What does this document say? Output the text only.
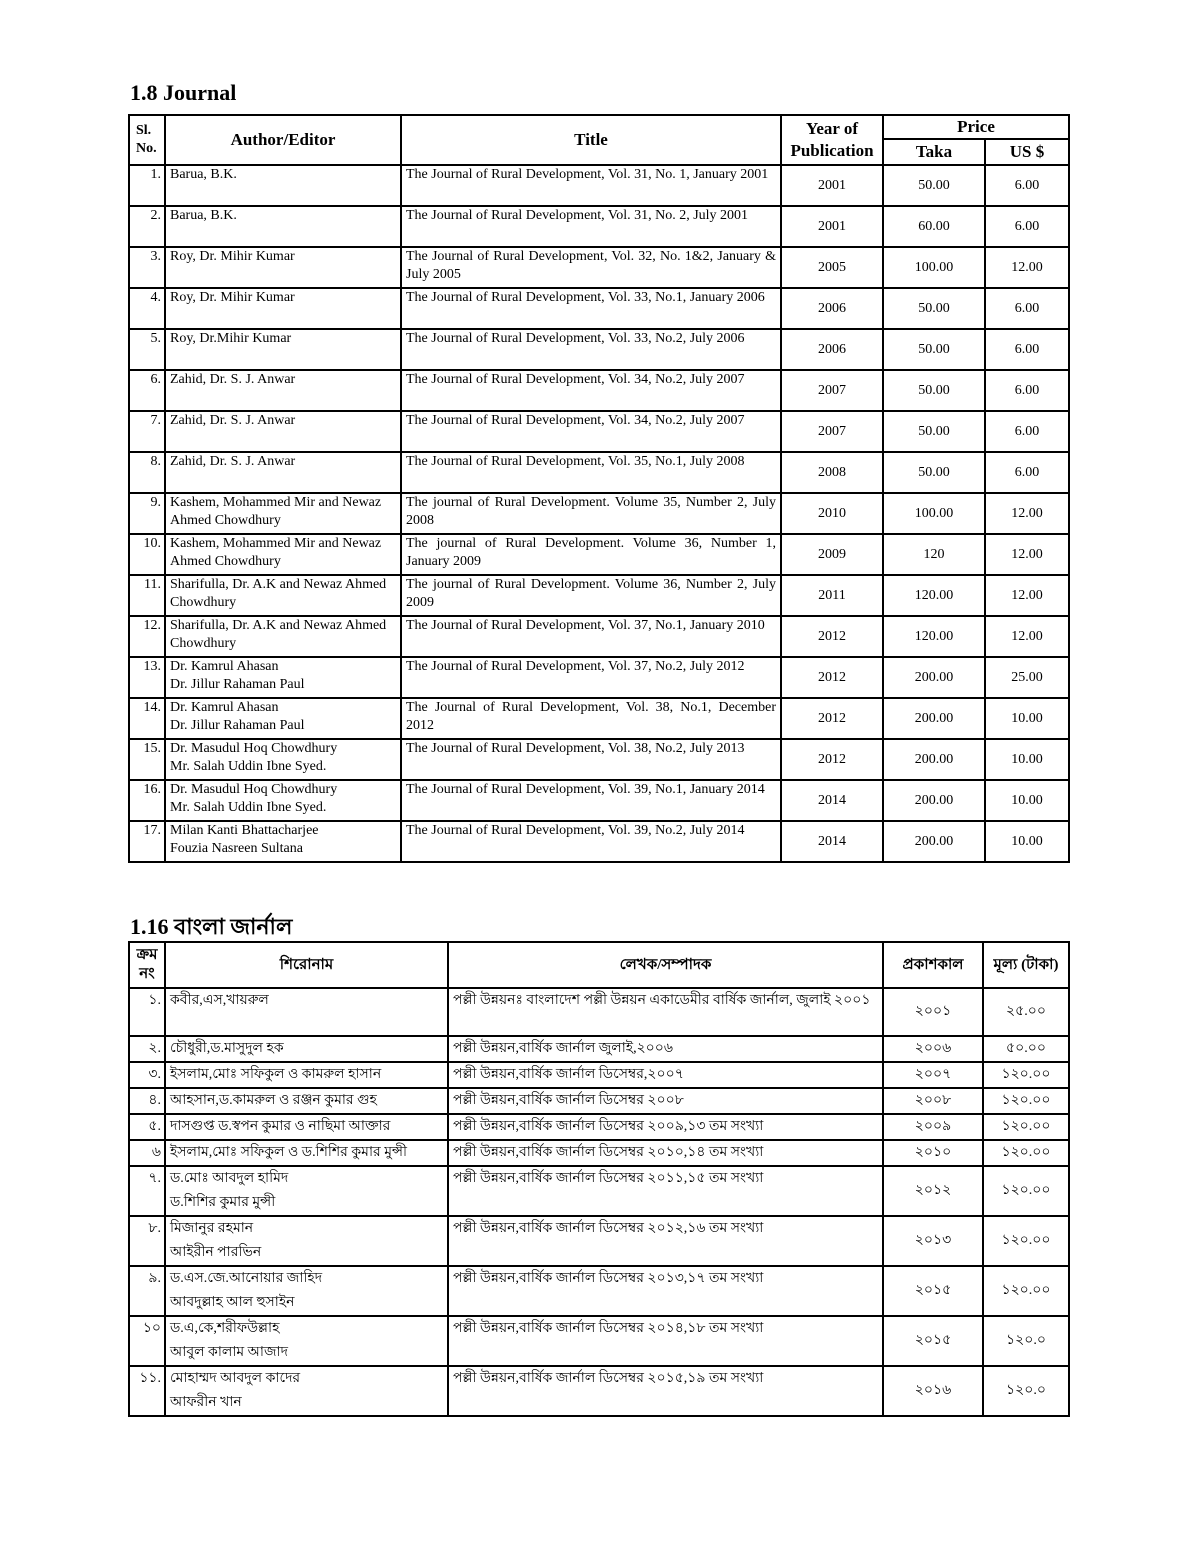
1.8 Journal
Sl. No.	Author/Editor	Title	Year of Publication	Price	
				Taka	US $
1.	Barua, B.K.	The Journal of Rural Development, Vol. 31, No. 1, January 2001	2001	50.00	6.00
2.	Barua, B.K.	The Journal of Rural Development, Vol. 31, No. 2, July 2001	2001	60.00	6.00
3.	Roy, Dr. Mihir Kumar	The Journal of Rural Development, Vol. 32, No. 1&2, January & July 2005	2005	100.00	12.00
4.	Roy, Dr. Mihir Kumar	The Journal of Rural Development, Vol. 33, No.1, January 2006	2006	50.00	6.00
5.	Roy, Dr.Mihir Kumar	The Journal of Rural Development, Vol. 33, No.2, July 2006	2006	50.00	6.00
6.	Zahid, Dr. S. J. Anwar	The Journal of Rural Development, Vol. 34, No.2, July 2007	2007	50.00	6.00
7.	Zahid, Dr. S. J. Anwar	The Journal of Rural Development, Vol. 34, No.2, July 2007	2007	50.00	6.00
8.	Zahid, Dr. S. J. Anwar	The Journal of Rural Development, Vol. 35, No.1, July 2008	2008	50.00	6.00
9.	Kashem, Mohammed Mir and Newaz Ahmed Chowdhury	The journal of Rural Development. Volume 35, Number 2, July 2008	2010	100.00	12.00
10.	Kashem, Mohammed Mir and Newaz Ahmed Chowdhury	The journal of Rural Development. Volume 36, Number 1, January 2009	2009	120	12.00
11.	Sharifulla, Dr. A.K and Newaz Ahmed Chowdhury	The journal of Rural Development. Volume 36, Number 2, July 2009	2011	120.00	12.00
12.	Sharifulla, Dr. A.K and Newaz Ahmed Chowdhury	The Journal of Rural Development, Vol. 37, No.1, January 2010	2012	120.00	12.00
13.	Dr. Kamrul Ahasan
Dr. Jillur Rahaman Paul	The Journal of Rural Development, Vol. 37, No.2, July 2012	2012	200.00	25.00
14.	Dr. Kamrul Ahasan
Dr. Jillur Rahaman Paul	The Journal of Rural Development, Vol. 38, No.1, December 2012	2012	200.00	10.00
15.	Dr. Masudul Hoq Chowdhury
Mr. Salah Uddin Ibne Syed.	The Journal of Rural Development, Vol. 38, No.2, July 2013	2012	200.00	10.00
16.	Dr. Masudul Hoq Chowdhury
Mr. Salah Uddin Ibne Syed.	The Journal of Rural Development, Vol. 39, No.1, January 2014	2014	200.00	10.00
17.	Milan Kanti Bhattacharjee
Fouzia Nasreen Sultana	The Journal of Rural Development, Vol. 39, No.2, July 2014	2014	200.00	10.00
1.16 বাংলা জার্নাল
ক্রম নং	শিরোনাম	লেখক/সম্পাদক	প্রকাশকাল	মূল্য (টাকা)
১.	কবীর,এস,খায়রুল	পল্লী উন্নয়নঃ বাংলাদেশ পল্লী উন্নয়ন একাডেমীর বার্ষিক জার্নাল, জুলাই ২০০১	২০০১	২৫.০০
২.	চৌধুরী,ড.মাসুদুল হক	পল্লী উন্নয়ন,বার্ষিক জার্নাল জুলাই,২০০৬	২০০৬	৫০.০০
৩.	ইসলাম,মোঃ সফিকুল ও কামরুল হাসান	পল্লী উন্নয়ন,বার্ষিক জার্নাল ডিসেম্বর,২০০৭	২০০৭	১২০.০০
৪.	আহসান,ড.কামরুল ও রঞ্জন কুমার গুহ	পল্লী উন্নয়ন,বার্ষিক জার্নাল ডিসেম্বর ২০০৮	২০০৮	১২০.০০
৫.	দাসগুপ্ত ড.স্বপন কুমার ও নাছিমা আক্তার	পল্লী উন্নয়ন,বার্ষিক জার্নাল ডিসেম্বর ২০০৯,১৩ তম সংখ্যা	২০০৯	১২০.০০
৬	ইসলাম,মোঃ সফিকুল ও ড.শিশির কুমার মুন্সী	পল্লী উন্নয়ন,বার্ষিক জার্নাল ডিসেম্বর ২০১০,১৪ তম সংখ্যা	২০১০	১২০.০০
৭.	ড.মোঃ আবদুল হামিদ
ড.শিশির কুমার মুন্সী	পল্লী উন্নয়ন,বার্ষিক জার্নাল ডিসেম্বর ২০১১,১৫ তম সংখ্যা	২০১২	১২০.০০
৮.	মিজানুর রহমান
আইরীন পারভিন	পল্লী উন্নয়ন,বার্ষিক জার্নাল ডিসেম্বর ২০১২,১৬ তম সংখ্যা	২০১৩	১২০.০০
৯.	ড.এস.জে.আনোয়ার জাহিদ
আবদুল্লাহ আল হুসাইন	পল্লী উন্নয়ন,বার্ষিক জার্নাল ডিসেম্বর ২০১৩,১৭ তম সংখ্যা	২০১৫	১২০.০০
১০	ড.এ,কে,শরীফউল্লাহ
আবুল কালাম আজাদ	পল্লী উন্নয়ন,বার্ষিক জার্নাল ডিসেম্বর ২০১৪,১৮ তম সংখ্যা	২০১৫	১২০.০
১১.	মোহাম্মদ আবদুল কাদের
আফরীন খান	পল্লী উন্নয়ন,বার্ষিক জার্নাল ডিসেম্বর ২০১৫,১৯ তম সংখ্যা	২০১৬	১২০.০
